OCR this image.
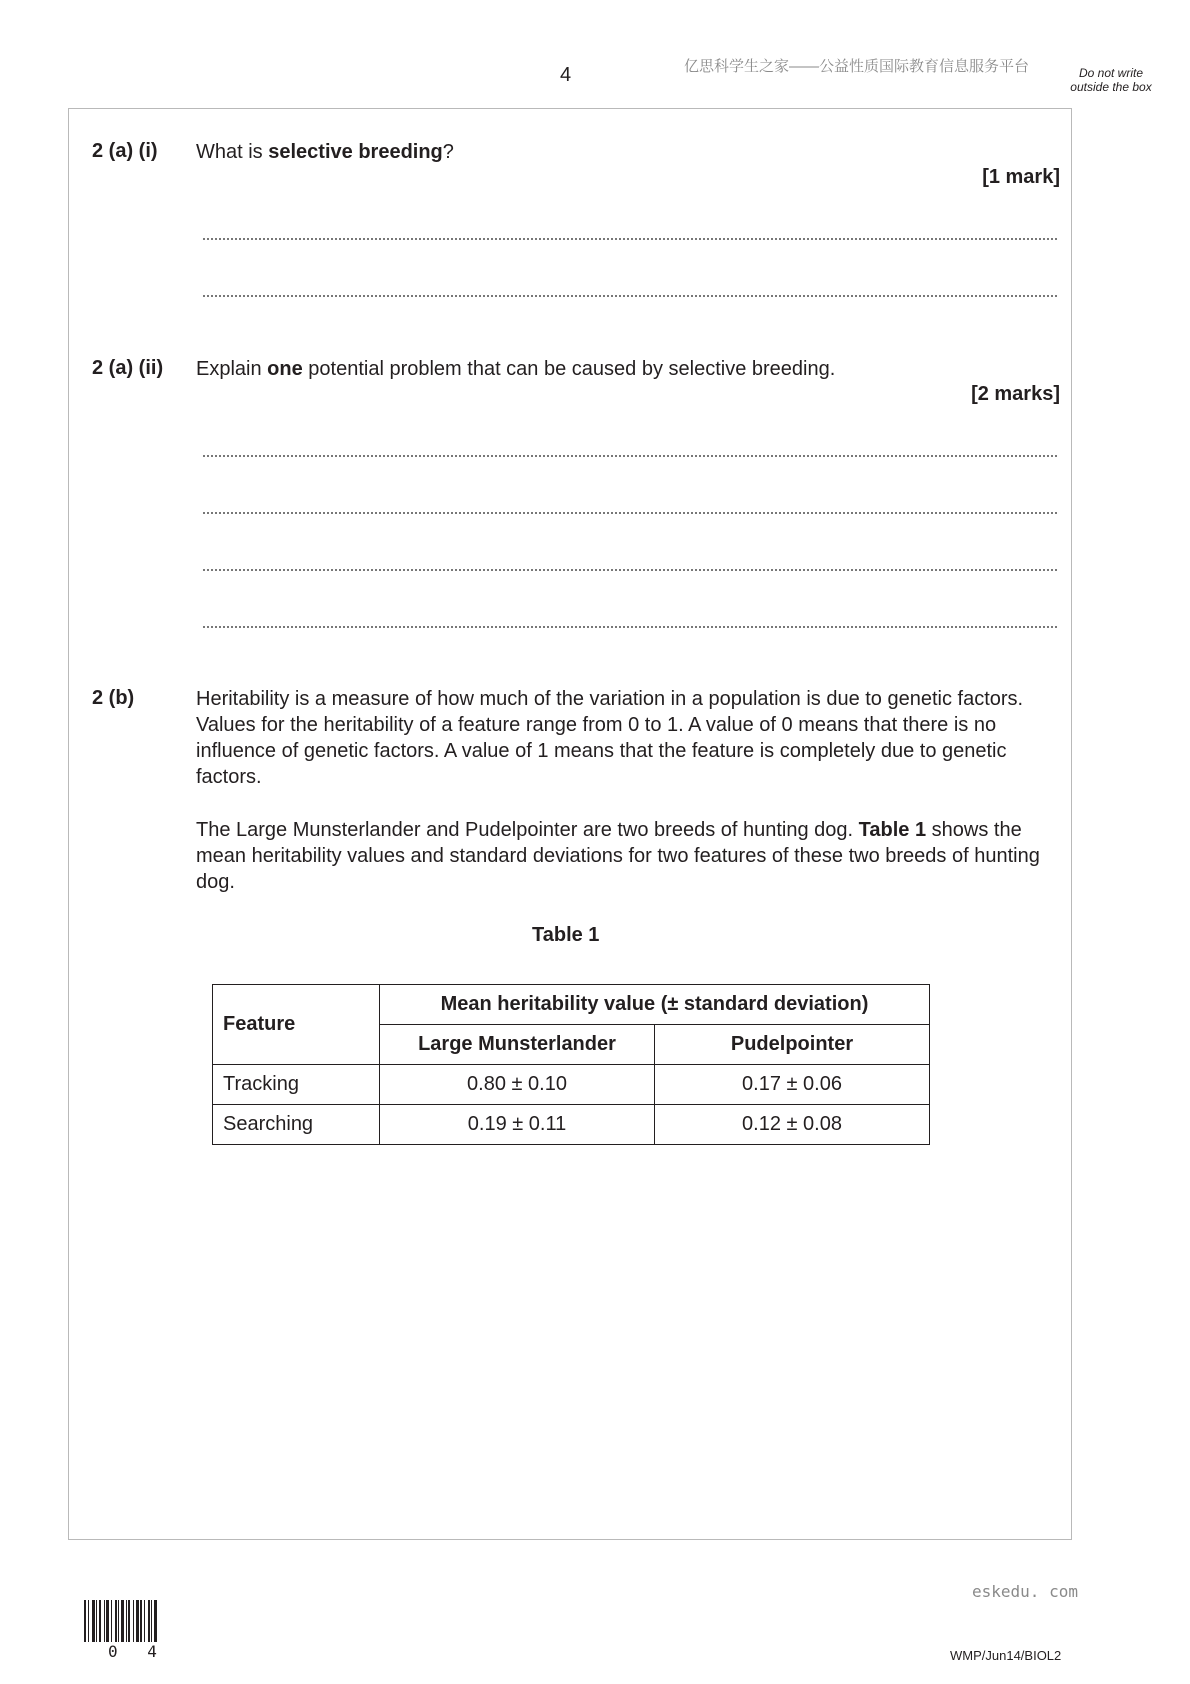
4	亿思科学生之家——公益性质国际教育信息服务平台	Do not write outside the box
2 (a) (i) What is selective breeding?
[1 mark]
2 (a) (ii) Explain one potential problem that can be caused by selective breeding.
[2 marks]
2 (b)	Heritability is a measure of how much of the variation in a population is due to genetic factors. Values for the heritability of a feature range from 0 to 1. A value of 0 means that there is no influence of genetic factors. A value of 1 means that the feature is completely due to genetic factors.
The Large Munsterlander and Pudelpointer are two breeds of hunting dog. Table 1 shows the mean heritability values and standard deviations for two features of these two breeds of hunting dog.
Table 1
Feature	Mean heritability value (± standard deviation)	
	Large Munsterlander	Pudelpointer
Tracking	0.80 ± 0.10	0.17 ± 0.06
Searching	0.19 ± 0.11	0.12 ± 0.08
eskedu. com
0 4	WMP/Jun14/BIOL2
